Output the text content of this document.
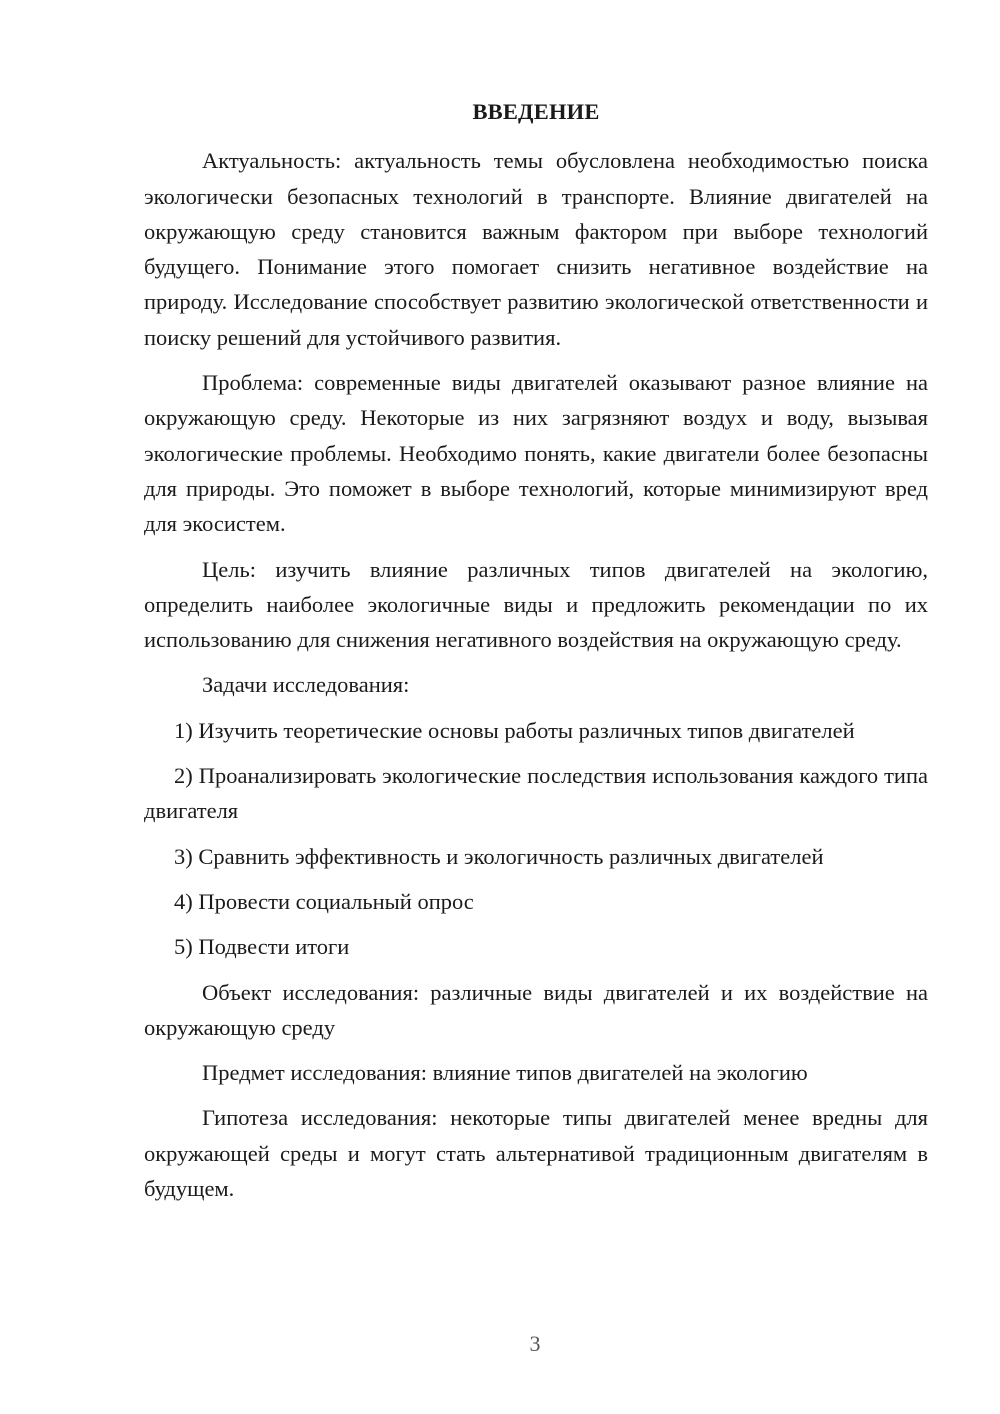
ВВЕДЕНИЕ

Актуальность: актуальность темы обусловлена необходимостью поиска экологически безопасных технологий в транспорте. Влияние двигателей на окружающую среду становится важным фактором при выборе технологий будущего. Понимание этого помогает снизить негативное воздействие на природу. Исследование способствует развитию экологической ответственности и поиску решений для устойчивого развития.

Проблема: современные виды двигателей оказывают разное влияние на окружающую среду. Некоторые из них загрязняют воздух и воду, вызывая экологические проблемы. Необходимо понять, какие двигатели более безопасны для природы. Это поможет в выборе технологий, которые минимизируют вред для экосистем.

Цель: изучить влияние различных типов двигателей на экологию, определить наиболее экологичные виды и предложить рекомендации по их использованию для снижения негативного воздействия на окружающую среду.

Задачи исследования:

1) Изучить теоретические основы работы различных типов двигателей

2) Проанализировать экологические последствия использования каждого типа двигателя

3) Сравнить эффективность и экологичность различных двигателей

4) Провести социальный опрос

5) Подвести итоги

Объект исследования: различные виды двигателей и их воздействие на окружающую среду

Предмет исследования: влияние типов двигателей на экологию

Гипотеза исследования: некоторые типы двигателей менее вредны для окружающей среды и могут стать альтернативой традиционным двигателям в будущем.

3
